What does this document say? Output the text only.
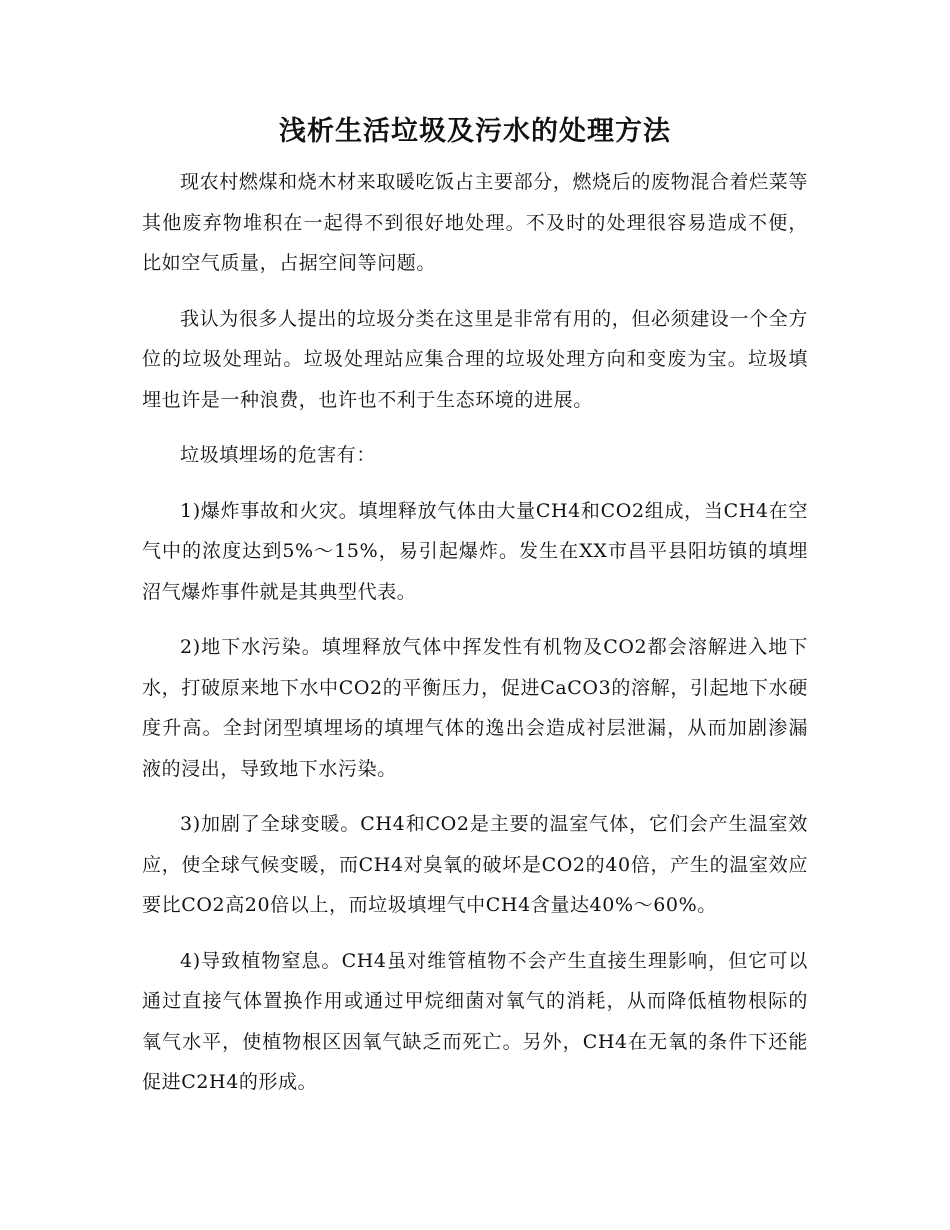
浅析生活垃圾及污水的处理方法

现农村燃煤和烧木材来取暖吃饭占主要部分，燃烧后的废物混合着烂菜等其他废弃物堆积在一起得不到很好地处理。不及时的处理很容易造成不便，比如空气质量，占据空间等问题。

我认为很多人提出的垃圾分类在这里是非常有用的，但必须建设一个全方位的垃圾处理站。垃圾处理站应集合理的垃圾处理方向和变废为宝。垃圾填埋也许是一种浪费，也许也不利于生态环境的进展。

垃圾填埋场的危害有：

1)爆炸事故和火灾。填埋释放气体由大量CH4和CO2组成，当CH4在空气中的浓度达到5%～15%，易引起爆炸。发生在XX市昌平县阳坊镇的填埋沼气爆炸事件就是其典型代表。

2)地下水污染。填埋释放气体中挥发性有机物及CO2都会溶解进入地下水，打破原来地下水中CO2的平衡压力，促进CaCO3的溶解，引起地下水硬度升高。全封闭型填埋场的填埋气体的逸出会造成衬层泄漏，从而加剧渗漏液的浸出，导致地下水污染。

3)加剧了全球变暖。CH4和CO2是主要的温室气体，它们会产生温室效应，使全球气候变暖，而CH4对臭氧的破坏是CO2的40倍，产生的温室效应要比CO2高20倍以上，而垃圾填埋气中CH4含量达40%～60%。

4)导致植物窒息。CH4虽对维管植物不会产生直接生理影响，但它可以通过直接气体置换作用或通过甲烷细菌对氧气的消耗，从而降低植物根际的氧气水平，使植物根区因氧气缺乏而死亡。另外，CH4在无氧的条件下还能促进C2H4的形成。
